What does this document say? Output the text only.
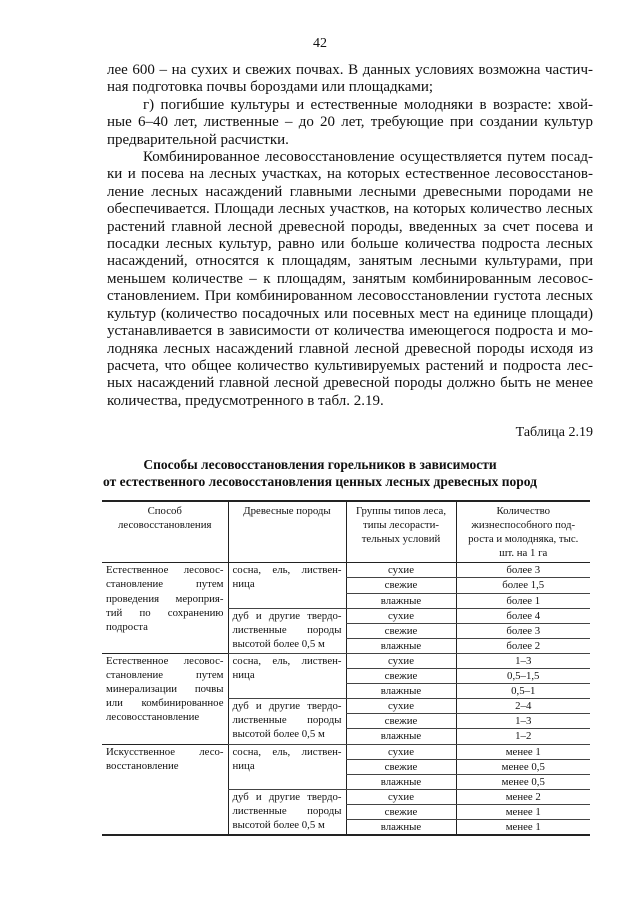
42
лее 600 – на сухих и свежих почвах. В данных условиях возможна частич-
ная подготовка почвы бороздами или площадками;
г) погибшие культуры и естественные молодняки в возрасте: хвой-
ные 6–40 лет, лиственные – до 20 лет, требующие при создании культур
предварительной расчистки.
Комбинированное лесовосстановление осуществляется путем посад-
ки и посева на лесных участках, на которых естественное лесовосстанов-
ление лесных насаждений главными лесными древесными породами не
обеспечивается. Площади лесных участков, на которых количество лесных
растений главной лесной древесной породы, введенных за счет посева и
посадки лесных культур, равно или больше количества подроста лесных
насаждений, относятся к площадям, занятым лесными культурами, при
меньшем количестве – к площадям, занятым комбинированным лесовос-
становлением. При комбинированном лесовосстановлении густота лесных
культур (количество посадочных или посевных мест на единице площади)
устанавливается в зависимости от количества имеющегося подроста и мо-
лодняка лесных насаждений главной лесной древесной породы исходя из
расчета, что общее количество культивируемых растений и подроста лес-
ных насаждений главной лесной древесной породы должно быть не менее
количества, предусмотренного в табл. 2.19.
Таблица 2.19
Способы лесовосстановления горельников в зависимости
от естественного лесовосстановления ценных лесных древесных пород
Способ лесовосстановления	Древесные породы	Группы типов леса, типы лесорасти-тельных условий	Количество жизнеспособного под-роста и молодняка, тыс. шт. на 1 га
Естественное лесовос-становление путем проведения мероприя-тий по сохранению подроста	сосна, ель, листвен-ница	сухие	более 3
		свежие	более 1,5
		влажные	более 1
	дуб и другие твердо-лиственные породы высотой более 0,5 м	сухие	более 4
		свежие	более 3
		влажные	более 2
Естественное лесовос-становление путем минерализации почвы или комбинированное лесовосстановление	сосна, ель, листвен-ница	сухие	1–3
		свежие	0,5–1,5
		влажные	0,5–1
	дуб и другие твердо-лиственные породы высотой более 0,5 м	сухие	2–4
		свежие	1–3
		влажные	1–2
Искусственное лесо-восстановление	сосна, ель, листвен-ница	сухие	менее 1
		свежие	менее 0,5
		влажные	менее 0,5
	дуб и другие твердо-лиственные породы высотой более 0,5 м	сухие	менее 2
		свежие	менее 1
		влажные	менее 1
